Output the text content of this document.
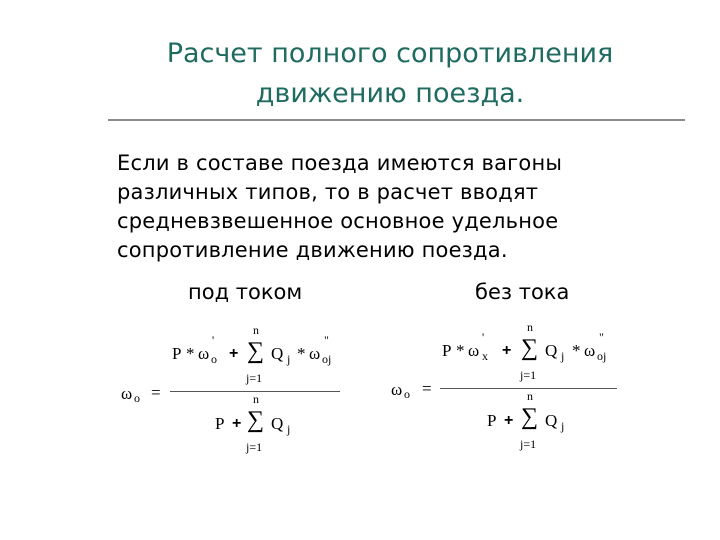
Расчет полного сопротивления
движению поезда.
Если в составе поезда имеются вагоны
различных типов, то в расчет вводят
средневзвешенное основное удельное
сопротивление движению поезда.
под током	без тока
P * ω
'
o +
n
∑
j=1
Q j * ω
"
oj
ω o =
P +
n
∑
j=1
Q j
P * ω
'
x +
n
∑
j=1
Q j * ω
"
oj
ω o =
P +
n
∑
j=1
Q j
